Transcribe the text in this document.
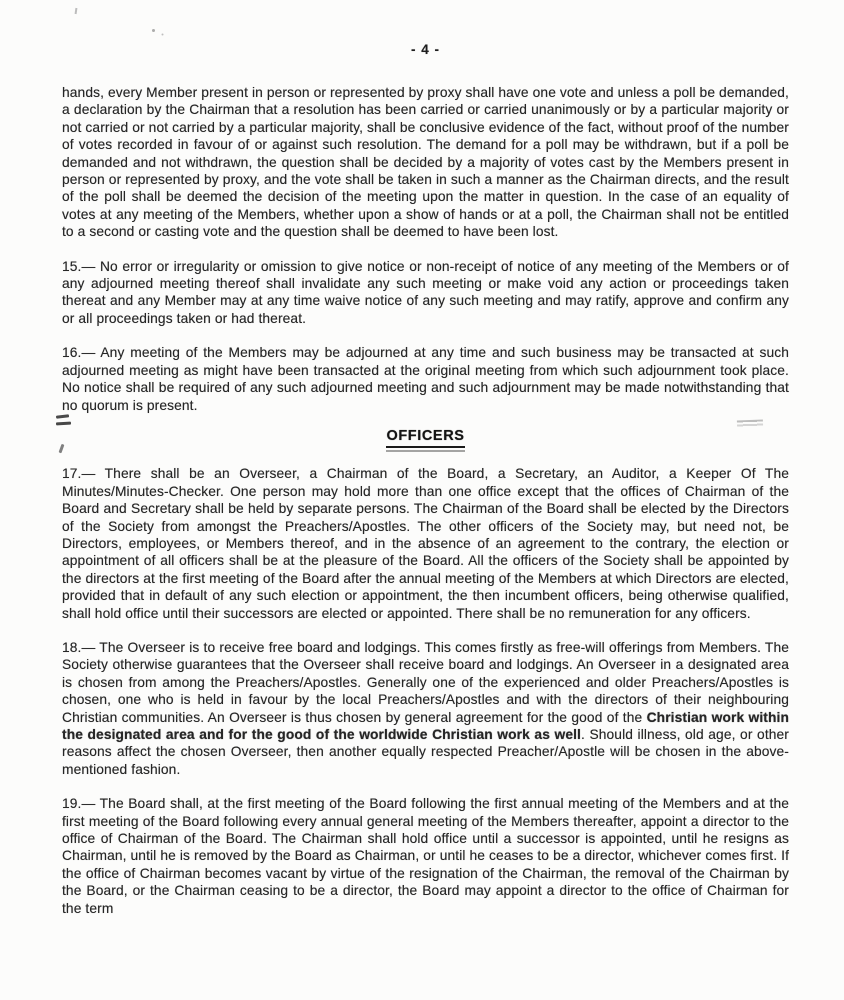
- 4 -

hands, every Member present in person or represented by proxy shall have one vote and unless a poll be demanded, a declaration by the Chairman that a resolution has been carried or carried unanimously or by a particular majority or not carried or not carried by a particular majority, shall be conclusive evidence of the fact, without proof of the number of votes recorded in favour of or against such resolution. The demand for a poll may be withdrawn, but if a poll be demanded and not withdrawn, the question shall be decided by a majority of votes cast by the Members present in person or represented by proxy, and the vote shall be taken in such a manner as the Chairman directs, and the result of the poll shall be deemed the decision of the meeting upon the matter in question. In the case of an equality of votes at any meeting of the Members, whether upon a show of hands or at a poll, the Chairman shall not be entitled to a second or casting vote and the question shall be deemed to have been lost.

15.— No error or irregularity or omission to give notice or non-receipt of notice of any meeting of the Members or of any adjourned meeting thereof shall invalidate any such meeting or make void any action or proceedings taken thereat and any Member may at any time waive notice of any such meeting and may ratify, approve and confirm any or all proceedings taken or had thereat.

16.— Any meeting of the Members may be adjourned at any time and such business may be transacted at such adjourned meeting as might have been transacted at the original meeting from which such adjournment took place. No notice shall be required of any such adjourned meeting and such adjournment may be made notwithstanding that no quorum is present.

OFFICERS

17.— There shall be an Overseer, a Chairman of the Board, a Secretary, an Auditor, a Keeper Of The Minutes/Minutes-Checker. One person may hold more than one office except that the offices of Chairman of the Board and Secretary shall be held by separate persons. The Chairman of the Board shall be elected by the Directors of the Society from amongst the Preachers/Apostles. The other officers of the Society may, but need not, be Directors, employees, or Members thereof, and in the absence of an agreement to the contrary, the election or appointment of all officers shall be at the pleasure of the Board. All the officers of the Society shall be appointed by the directors at the first meeting of the Board after the annual meeting of the Members at which Directors are elected, provided that in default of any such election or appointment, the then incumbent officers, being otherwise qualified, shall hold office until their successors are elected or appointed. There shall be no remuneration for any officers.

18.— The Overseer is to receive free board and lodgings. This comes firstly as free-will offerings from Members. The Society otherwise guarantees that the Overseer shall receive board and lodgings. An Overseer in a designated area is chosen from among the Preachers/Apostles. Generally one of the experienced and older Preachers/Apostles is chosen, one who is held in favour by the local Preachers/Apostles and with the directors of their neighbouring Christian communities. An Overseer is thus chosen by general agreement for the good of the Christian work within the designated area and for the good of the worldwide Christian work as well. Should illness, old age, or other reasons affect the chosen Overseer, then another equally respected Preacher/Apostle will be chosen in the above-mentioned fashion.

19.— The Board shall, at the first meeting of the Board following the first annual meeting of the Members and at the first meeting of the Board following every annual general meeting of the Members thereafter, appoint a director to the office of Chairman of the Board. The Chairman shall hold office until a successor is appointed, until he resigns as Chairman, until he is removed by the Board as Chairman, or until he ceases to be a director, whichever comes first. If the office of Chairman becomes vacant by virtue of the resignation of the Chairman, the removal of the Chairman by the Board, or the Chairman ceasing to be a director, the Board may appoint a director to the office of Chairman for the term
